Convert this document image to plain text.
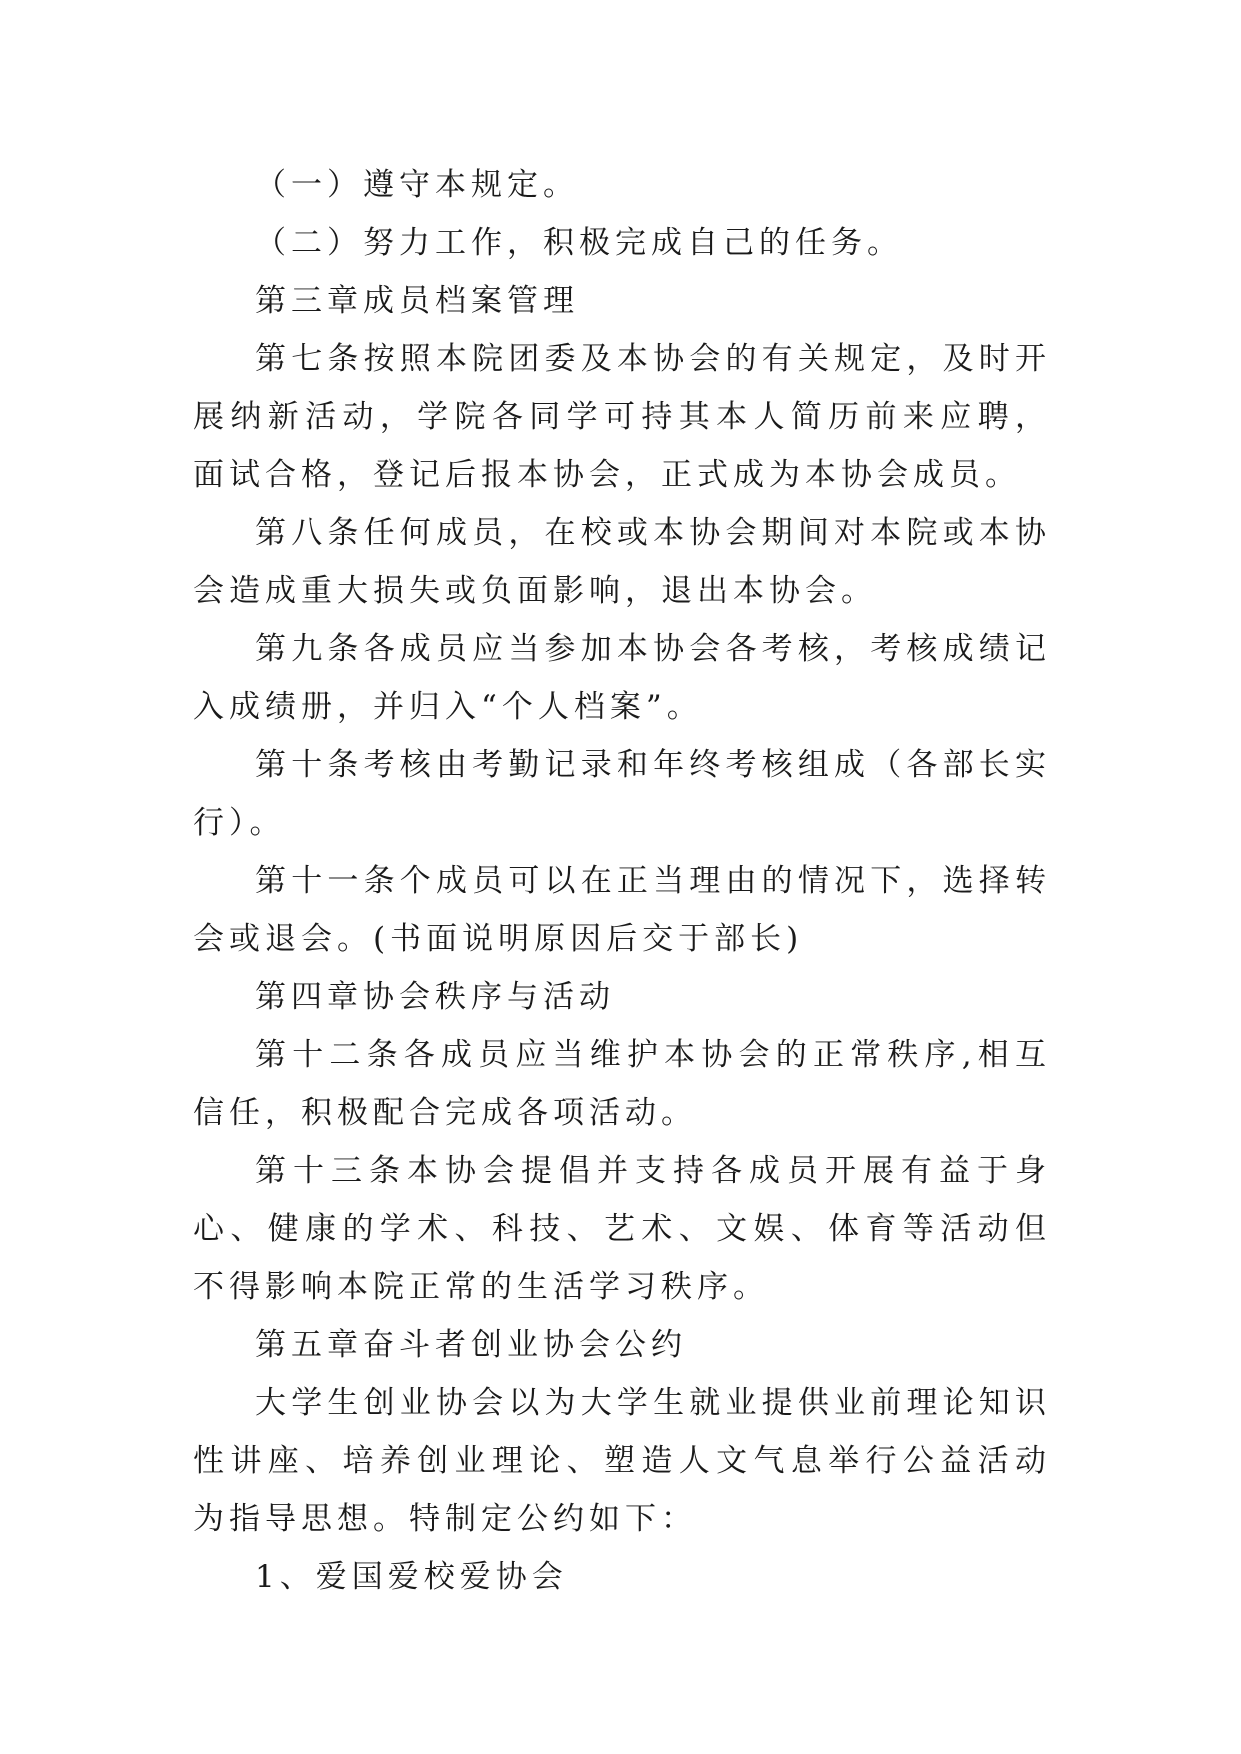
（一）遵守本规定。

（二）努力工作，积极完成自己的任务。

第三章成员档案管理

第七条按照本院团委及本协会的有关规定，及时开展纳新活动，学院各同学可持其本人简历前来应聘，面试合格，登记后报本协会，正式成为本协会成员。

第八条任何成员，在校或本协会期间对本院或本协会造成重大损失或负面影响，退出本协会。

第九条各成员应当参加本协会各考核，考核成绩记入成绩册，并归入“个人档案”。

第十条考核由考勤记录和年终考核组成（各部长实行）。

第十一条个成员可以在正当理由的情况下，选择转会或退会。(书面说明原因后交于部长)

第四章协会秩序与活动

第十二条各成员应当维护本协会的正常秩序,相互信任，积极配合完成各项活动。

第十三条本协会提倡并支持各成员开展有益于身心、健康的学术、科技、艺术、文娱、体育等活动但不得影响本院正常的生活学习秩序。

第五章奋斗者创业协会公约

大学生创业协会以为大学生就业提供业前理论知识性讲座、培养创业理论、塑造人文气息举行公益活动为指导思想。特制定公约如下：

1、爱国爱校爱协会
